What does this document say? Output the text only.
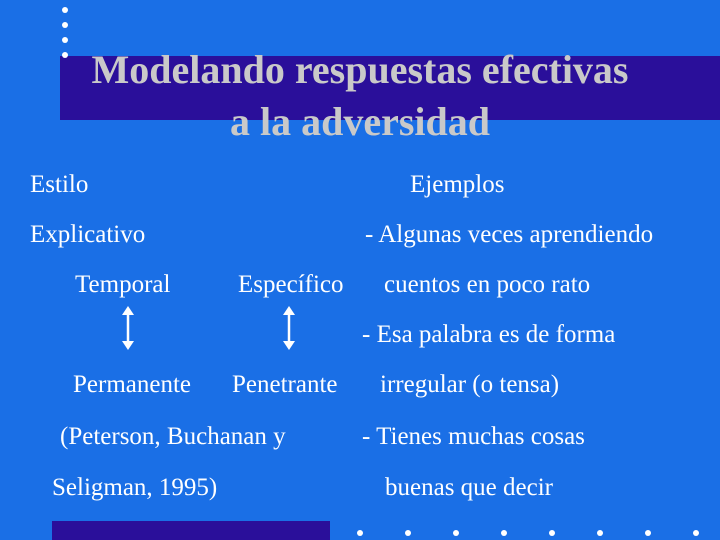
Modelando respuestas efectivas
a la adversidad
Estilo
Explicativo
Temporal	Específico
Permanente Penetrante
(Peterson, Buchanan y
Seligman, 1995)
Ejemplos
- Algunas veces aprendiendo
cuentos en poco rato
- Esa palabra es de forma
irregular (o tensa)
- Tienes muchas cosas
buenas que decir
